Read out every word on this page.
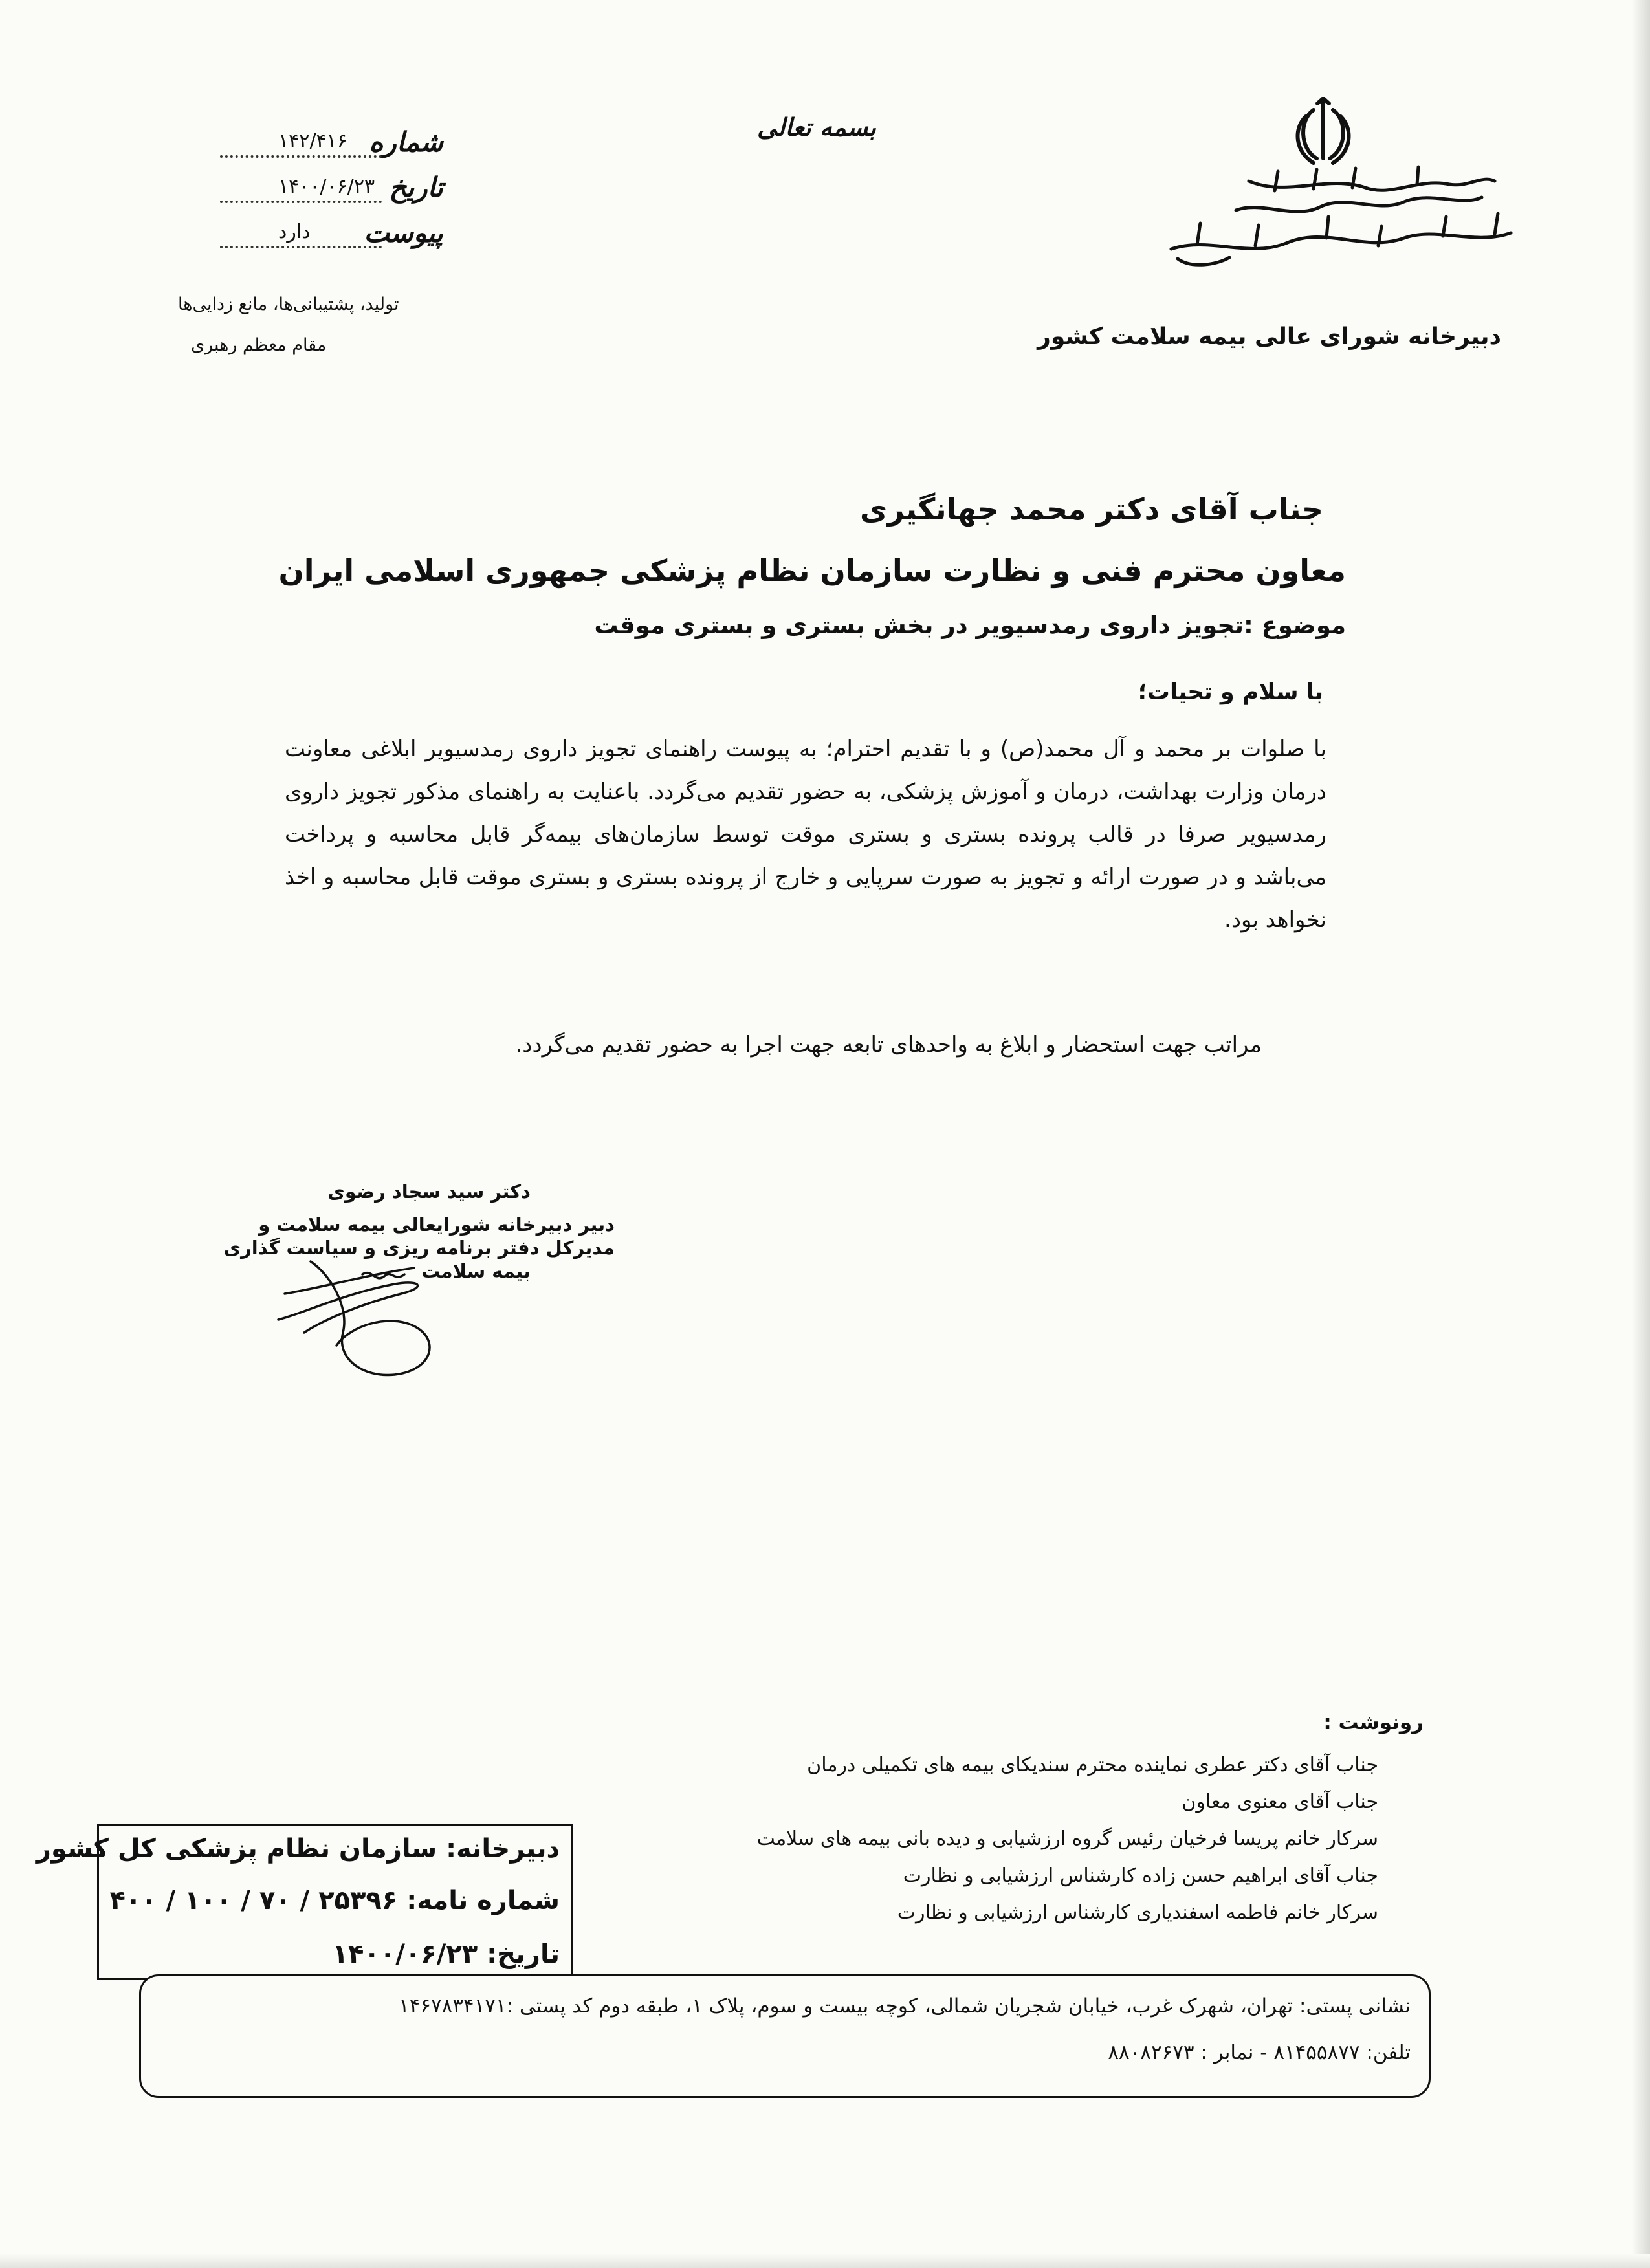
دبیرخانه شورای عالی بیمه سلامت کشور
بسمه تعالی
شماره
۱۴۲/۴۱۶
تاریخ
۱۴۰۰/۰۶/۲۳
پیوست
دارد
تولید، پشتیبانی‌ها، مانع زدایی‌ها
مقام معظم رهبری
جناب آقای دکتر محمد جهانگیری
معاون محترم فنی و نظارت سازمان نظام پزشکی جمهوری اسلامی ایران
موضوع :تجویز داروی رمدسیویر در بخش بستری و بستری موقت
با سلام و تحیات؛
با صلوات بر محمد و آل محمد(ص) و با تقدیم احترام؛ به پیوست راهنمای تجویز داروی رمدسیویر ابلاغی معاونت درمان وزارت بهداشت، درمان و آموزش پزشکی، به حضور تقدیم می‌گردد. باعنایت به راهنمای مذکور تجویز داروی رمدسیویر صرفا در قالب پرونده بستری و بستری موقت توسط سازمان‌های بیمه‌گر قابل محاسبه و پرداخت می‌باشد و در صورت ارائه و تجویز به صورت سرپایی و خارج از پرونده بستری و بستری موقت قابل محاسبه و اخذ نخواهد بود.
مراتب جهت استحضار و ابلاغ به واحدهای تابعه جهت اجرا به حضور تقدیم می‌گردد.
دکتر سید سجاد رضوی
دبیر دبیرخانه شورایعالی بیمه سلامت و
مدیرکل دفتر برنامه ریزی و سیاست گذاری
بیمه سلامت
رونوشت :
جناب آقای دکتر عطری نماینده محترم سندیکای بیمه های تکمیلی درمان
جناب آقای معنوی معاون
سرکار خانم پریسا فرخیان رئیس گروه ارزشیابی و دیده بانی بیمه های سلامت
جناب آقای ابراهیم حسن زاده کارشناس ارزشیابی و نظارت
سرکار خانم فاطمه اسفندیاری کارشناس ارزشیابی و نظارت
دبیرخانه: سازمان نظام پزشکی کل کشور
شماره نامه: ۲۵۳۹۶ / ۷۰ / ۱۰۰ / ۴۰۰
تاریخ: ۱۴۰۰/۰۶/۲۳
نشانی پستی: تهران، شهرک غرب، خیابان شجریان شمالی، کوچه بیست و سوم، پلاک ۱، طبقه دوم کد پستی :۱۴۶۷۸۳۴۱۷۱
تلفن: ۸۱۴۵۵۸۷۷ - نمابر : ۸۸۰۸۲۶۷۳
